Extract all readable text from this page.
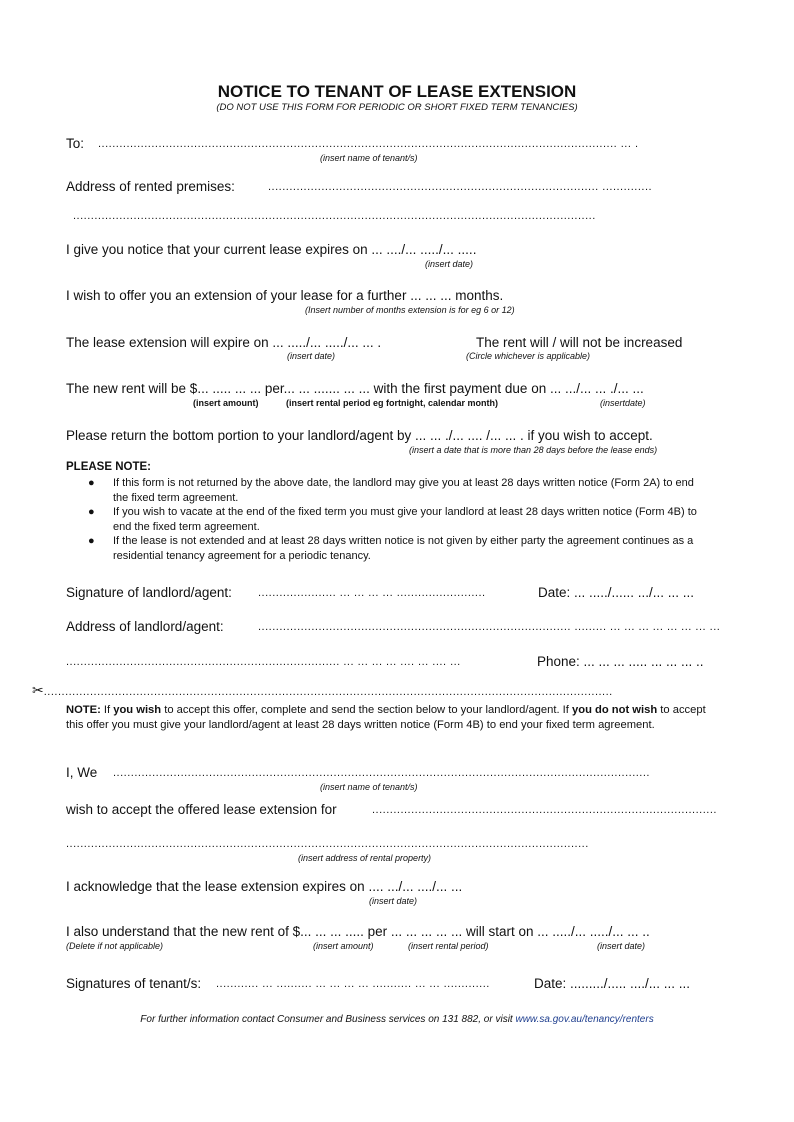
NOTICE TO TENANT OF LEASE EXTENSION
(DO NOT USE THIS FORM FOR PERIODIC OR SHORT FIXED TERM TENANCIES)
To: .................................................................................................................................................. ... .
(insert name of tenant/s)
Address of rented premises:	............................................................................................. ..............
...................................................................................................................................................
I give you notice that your current lease expires on ... ..../... ...../... .....
(insert date)
I wish to offer you an extension of your lease for a further ... ... ... months.
(Insert number of months extension is for eg 6 or 12)
The lease extension will expire on ... ...../... ...../... ... .
(insert date)
The rent will / will not be increased
(Circle whichever is applicable)
The new rent will be $... ..... ... ... per... ... ....... ... ... with the first payment due on ... .../... ... ./... ...
(insert amount)	(insert rental period eg fortnight, calendar month)	(insertdate)
Please return the bottom portion to your landlord/agent by ... ... ./... .... /... ... . if you wish to accept.
(insert a date that is more than 28 days before the lease ends)
PLEASE NOTE:
● If this form is not returned by the above date, the landlord may give you at least 28 days written notice (Form 2A) to end the fixed term agreement.
● If you wish to vacate at the end of the fixed term you must give your landlord at least 28 days written notice (Form 4B) to end the fixed term agreement.
● If the lease is not extended and at least 28 days written notice is not given by either party the agreement continues as a residential tenancy agreement for a periodic tenancy.
Signature of landlord/agent: ...................... ... ... ... ... .........................	Date: ... ...../...... .../... ... ...
Address of landlord/agent:	........................................................................................ ......... ... ... ... ... ... ... ... ...
............................................................................. ... ... ... ... .... ... .... ...	Phone: ... ... ... ..... ... ... ... ..
✂................................................................................................................................................................
NOTE: If you wish to accept this offer, complete and send the section below to your landlord/agent. If you do not wish to accept this offer you must give your landlord/agent at least 28 days written notice (Form 4B) to end your fixed term agreement.
I, We .......................................................................................................................................................
(insert name of tenant/s)
wish to accept the offered lease extension for	.................................................................................................
...................................................................................................................................................
(insert address of rental property)
I acknowledge that the lease extension expires on .... .../... ..../... ...
(insert date)
I also understand that the new rent of $... ... ... ..... per ... ... ... ... ... will start on ... ...../... ...../... ... ..
(Delete if not applicable)	(insert amount)	(insert rental period)	(insert date)
Signatures of tenant/s: ............ ... .......... ... ... ... ... ........... ... ... .............	Date: ........./..... ..../... ... ...
For further information contact Consumer and Business services on 131 882, or visit www.sa.gov.au/tenancy/renters
